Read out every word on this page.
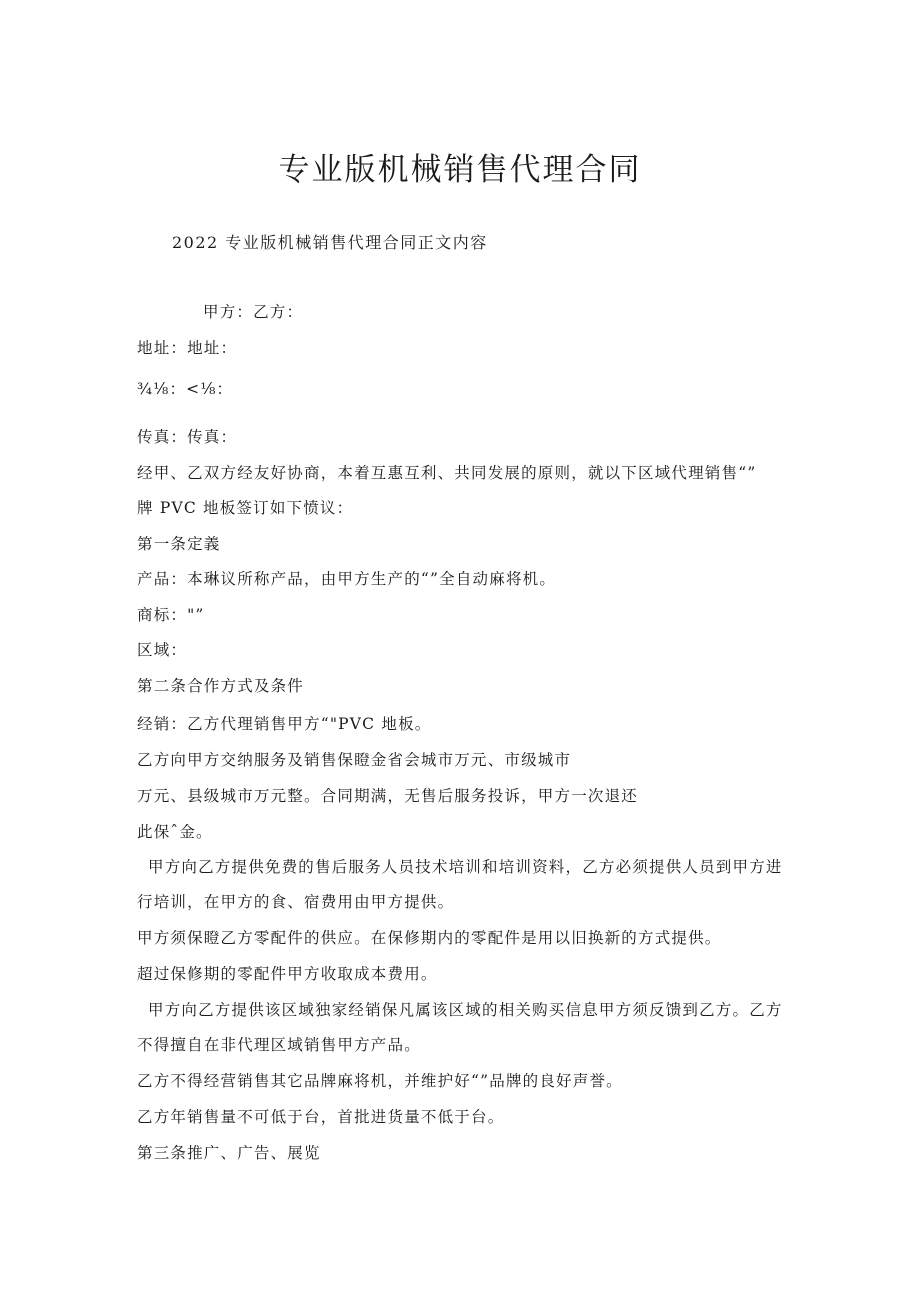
专业版机械销售代理合同
2022 专业版机械销售代理合同正文内容
甲方：乙方：
地址：地址：
¾⅛：<⅛：
传真：传真：
经甲、乙双方经友好协商，本着互惠互利、共同发展的原则，就以下区域代理销售“”
牌 PVC 地板签订如下愤议：
第一条定義
产品：本琳议所称产品，由甲方生产的“”全自动麻将机。
商标："”
区域：
第二条合作方式及条件
经销：乙方代理销售甲方“"PVC 地板。
乙方向甲方交纳服务及销售保瞪金省会城市万元、市级城市
万元、县级城市万元整。合同期满，无售后服务投诉，甲方一次退还
此保ˆ金。
甲方向乙方提供免费的售后服务人员技术培训和培训资料，乙方必须提供人员到甲方进
行培训，在甲方的食、宿费用由甲方提供。
甲方须保瞪乙方零配件的供应。在保修期内的零配件是用以旧换新的方式提供。
超过保修期的零配件甲方收取成本费用。
甲方向乙方提供该区域独家经销保凡属该区域的相关购买信息甲方须反馈到乙方。乙方
不得擅自在非代理区域销售甲方产品。
乙方不得经营销售其它品牌麻将机，并维护好“”品牌的良好声誉。
乙方年销售量不可低于台，首批进货量不低于台。
第三条推广、广告、展览
